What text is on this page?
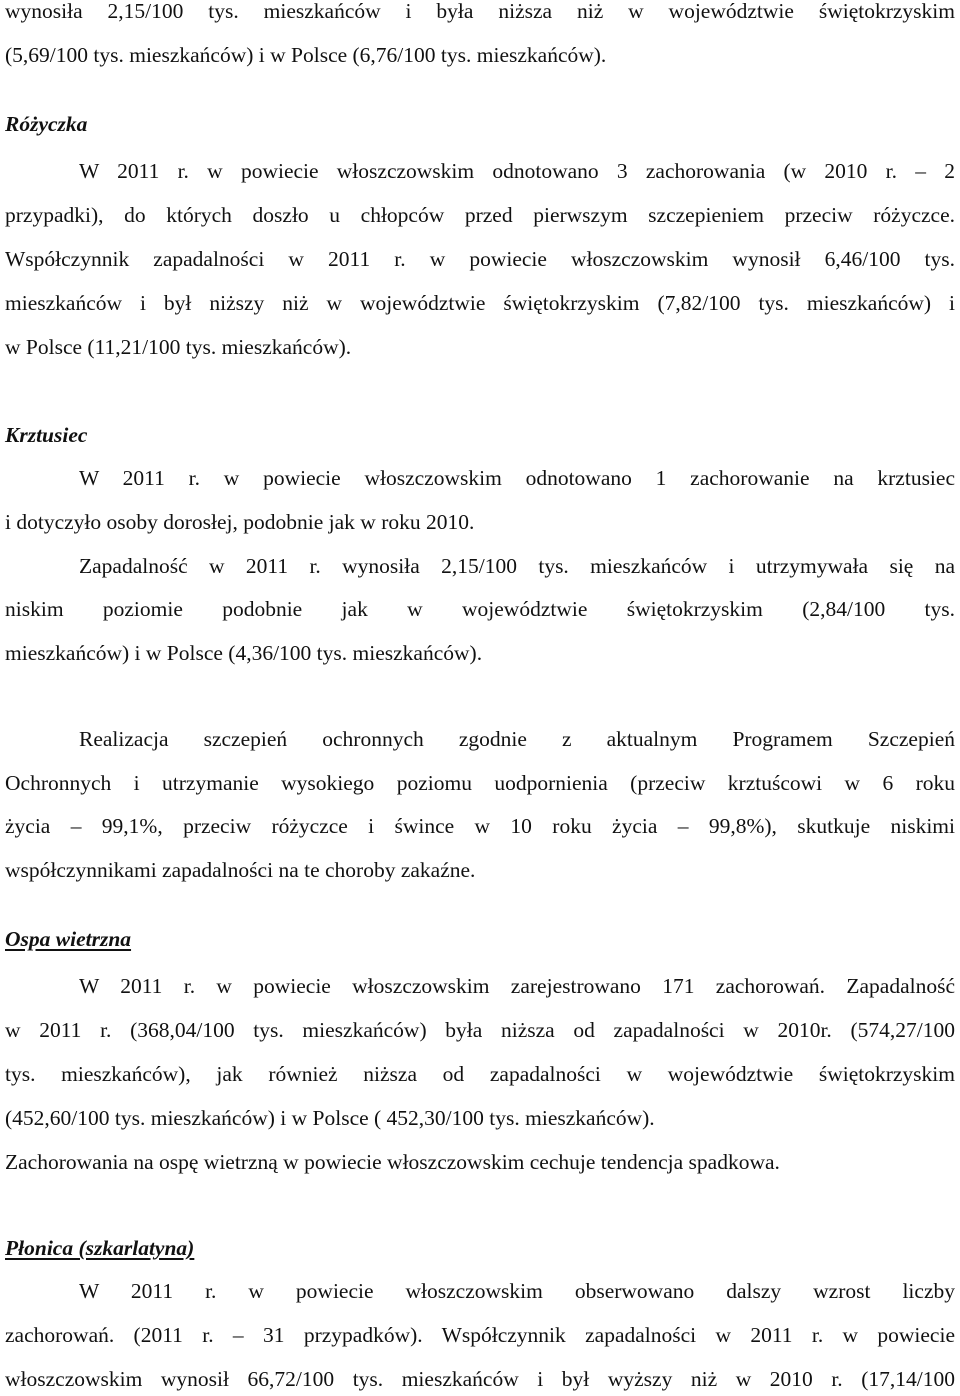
wynosiła 2,15/100 tys. mieszkańców i była niższa niż w województwie świętokrzyskim
(5,69/100 tys. mieszkańców) i w Polsce (6,76/100 tys. mieszkańców).
Różyczka
W 2011 r. w powiecie włoszczowskim odnotowano 3 zachorowania (w 2010 r. – 2
przypadki), do których doszło u chłopców przed pierwszym szczepieniem przeciw różyczce.
Współczynnik zapadalności w 2011 r. w powiecie włoszczowskim wynosił 6,46/100 tys.
mieszkańców i był niższy niż w województwie świętokrzyskim (7,82/100 tys. mieszkańców) i
w Polsce (11,21/100 tys. mieszkańców).
Krztusiec
W 2011 r. w powiecie włoszczowskim odnotowano 1 zachorowanie na krztusiec
i dotyczyło osoby dorosłej, podobnie jak w roku 2010.
Zapadalność w 2011 r. wynosiła 2,15/100 tys. mieszkańców i utrzymywała się na
niskim poziomie podobnie jak w województwie świętokrzyskim (2,84/100 tys.
mieszkańców) i w Polsce (4,36/100 tys. mieszkańców).
Realizacja szczepień ochronnych zgodnie z aktualnym Programem Szczepień
Ochronnych i utrzymanie wysokiego poziomu uodpornienia (przeciw krztuścowi w 6 roku
życia – 99,1%, przeciw różyczce i śwince w 10 roku życia – 99,8%), skutkuje niskimi
współczynnikami zapadalności na te choroby zakaźne.
Ospa wietrzna
W 2011 r. w powiecie włoszczowskim zarejestrowano 171 zachorowań. Zapadalność
w 2011 r. (368,04/100 tys. mieszkańców) była niższa od zapadalności w 2010r. (574,27/100
tys. mieszkańców), jak również niższa od zapadalności w województwie świętokrzyskim
(452,60/100 tys. mieszkańców) i w Polsce ( 452,30/100 tys. mieszkańców).
Zachorowania na ospę wietrzną w powiecie włoszczowskim cechuje tendencja spadkowa.
Płonica (szkarlatyna)
W 2011 r. w powiecie włoszczowskim obserwowano dalszy wzrost liczby
zachorowań. (2011 r. – 31 przypadków). Współczynnik zapadalności w 2011 r. w powiecie
włoszczowskim wynosił 66,72/100 tys. mieszkańców i był wyższy niż w 2010 r. (17,14/100
